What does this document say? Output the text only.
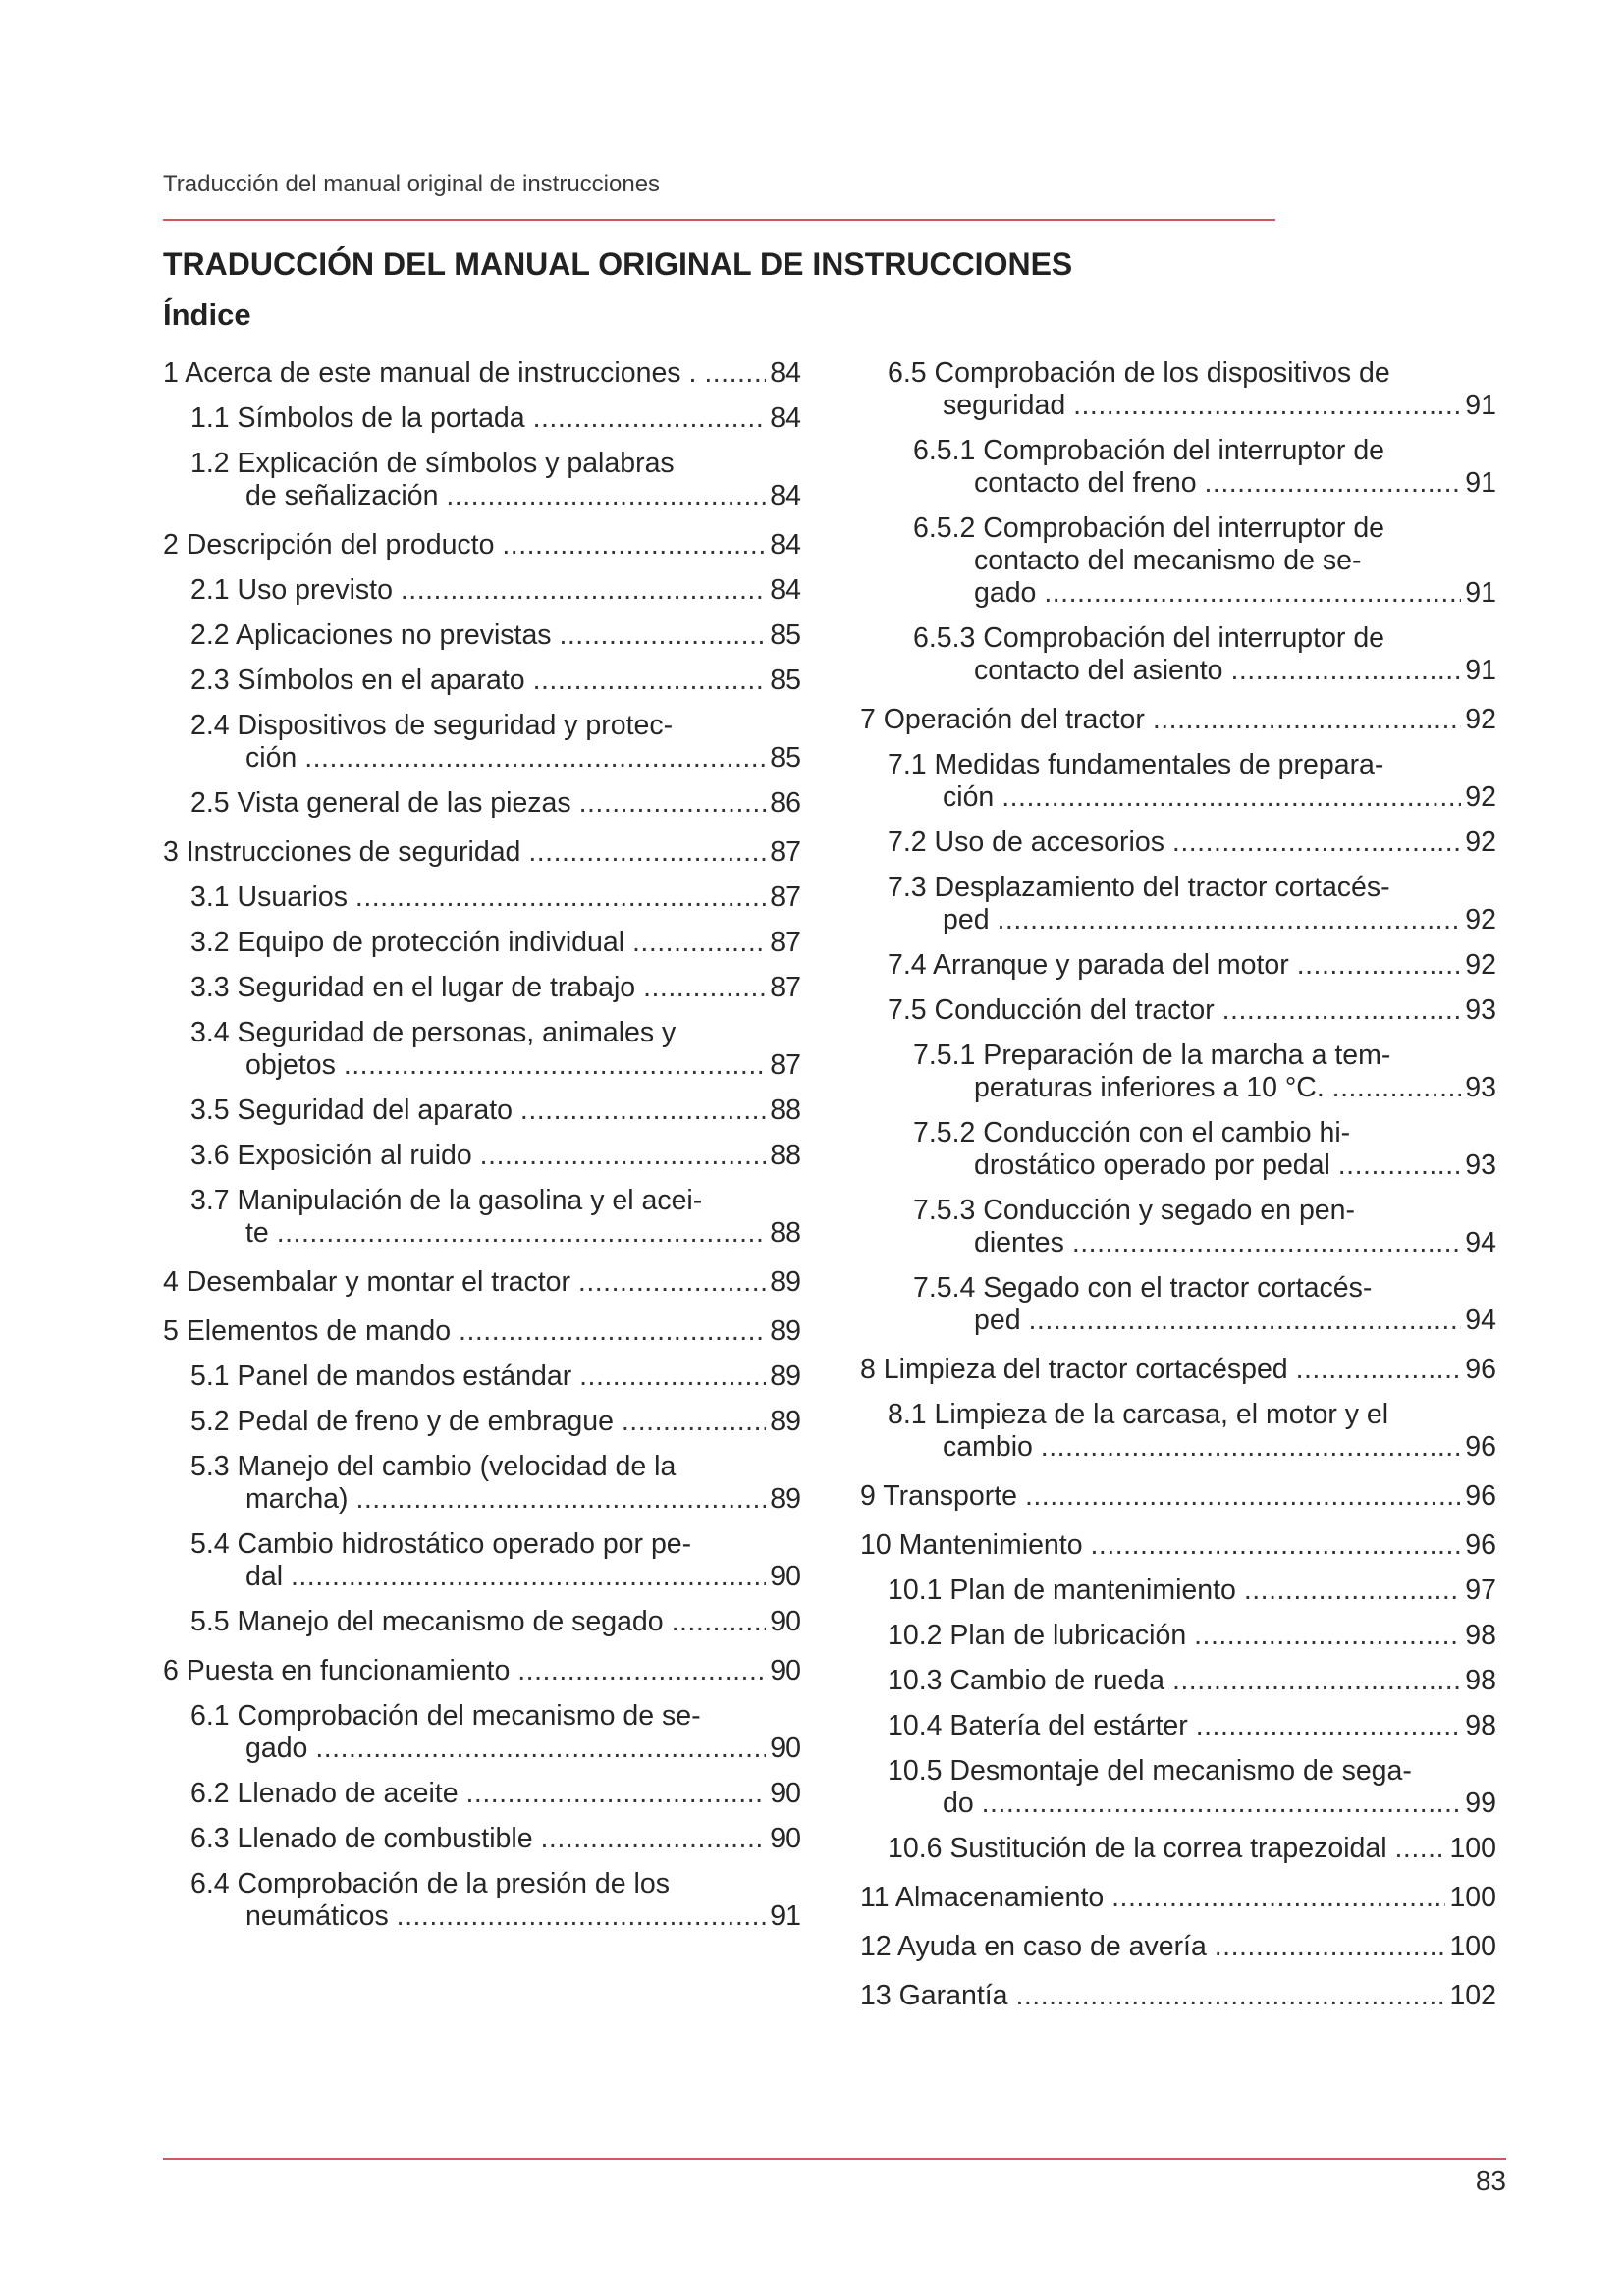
Traducción del manual original de instrucciones

TRADUCCIÓN DEL MANUAL ORIGINAL DE INSTRUCCIONES
Índice
1 Acerca de este manual de instrucciones . ..... 84
1.1 Símbolos de la portada .....	84
1.2 Explicación de símbolos y palabras
de señalización .....	84
2 Descripción del producto .....	84
2.1 Uso previsto .....	84
2.2 Aplicaciones no previstas .....	85
2.3 Símbolos en el aparato .....	85
2.4 Dispositivos de seguridad y protec-
ción .....	85
2.5 Vista general de las piezas .....	86
3 Instrucciones de seguridad .....	87
3.1 Usuarios .....	87
3.2 Equipo de protección individual .....	87
3.3 Seguridad en el lugar de trabajo .....	87
3.4 Seguridad de personas, animales y
objetos .....	87
3.5 Seguridad del aparato .....	88
3.6 Exposición al ruido .....	88
3.7 Manipulación de la gasolina y el acei-
te .....	88
4 Desembalar y montar el tractor .....	89
5 Elementos de mando .....	89
5.1 Panel de mandos estándar .....	89
5.2 Pedal de freno y de embrague .....	89
5.3 Manejo del cambio (velocidad de la
marcha) .....	89
5.4 Cambio hidrostático operado por pe-
dal .....	90
5.5 Manejo del mecanismo de segado .....	90
6 Puesta en funcionamiento .....	90
6.1 Comprobación del mecanismo de se-
gado .....	90
6.2 Llenado de aceite .....	90
6.3 Llenado de combustible .....	90
6.4 Comprobación de la presión de los
neumáticos .....	91
6.5 Comprobación de los dispositivos de
seguridad .....	91
6.5.1 Comprobación del interruptor de
contacto del freno .....	91
6.5.2 Comprobación del interruptor de
contacto del mecanismo de se-
gado .....	91
6.5.3 Comprobación del interruptor de
contacto del asiento .....	91
7 Operación del tractor .....	92
7.1 Medidas fundamentales de prepara-
ción .....	92
7.2 Uso de accesorios .....	92
7.3 Desplazamiento del tractor cortacés-
ped .....	92
7.4 Arranque y parada del motor .....	92
7.5 Conducción del tractor .....	93
7.5.1 Preparación de la marcha a tem-
peraturas inferiores a 10 °C. .....	93
7.5.2 Conducción con el cambio hi-
drostático operado por pedal .....	93
7.5.3 Conducción y segado en pen-
dientes .....	94
7.5.4 Segado con el tractor cortacés-
ped .....	94
8 Limpieza del tractor cortacésped .....	96
8.1 Limpieza de la carcasa, el motor y el
cambio .....	96
9 Transporte .....	96
10 Mantenimiento .....	96
10.1 Plan de mantenimiento .....	97
10.2 Plan de lubricación .....	98
10.3 Cambio de rueda .....	98
10.4 Batería del estárter .....	98
10.5 Desmontaje del mecanismo de sega-
do .....	99
10.6 Sustitución de la correa trapezoidal ..... 100
11 Almacenamiento .....	100
12 Ayuda en caso de avería .....	100
13 Garantía .....	102

83
